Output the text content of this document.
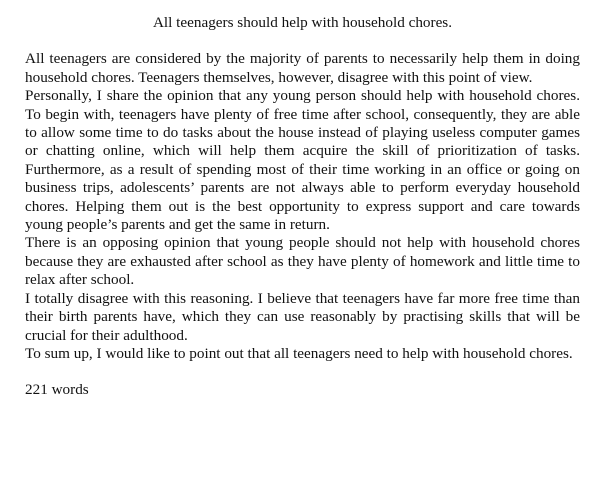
All teenagers should help with household chores.

All teenagers are considered by the majority of parents to necessarily help them in doing household chores. Teenagers themselves, however, disagree with this point of view.

Personally, I share the opinion that any young person should help with household chores. To begin with, teenagers have plenty of free time after school, consequently, they are able to allow some time to do tasks about the house instead of playing useless computer games or chatting online, which will help them acquire the skill of prioritization of tasks. Furthermore, as a result of spending most of their time working in an office or going on business trips, adolescents’ parents are not always able to perform everyday household chores. Helping them out is the best opportunity to express support and care towards young people’s parents and get the same in return.

There is an opposing opinion that young people should not help with household chores because they are exhausted after school as they have plenty of homework and little time to relax after school.

I totally disagree with this reasoning. I believe that teenagers have far more free time than their birth parents have, which they can use reasonably by practising skills that will be crucial for their adulthood.

To sum up, I would like to point out that all teenagers need to help with household chores.

221 words
